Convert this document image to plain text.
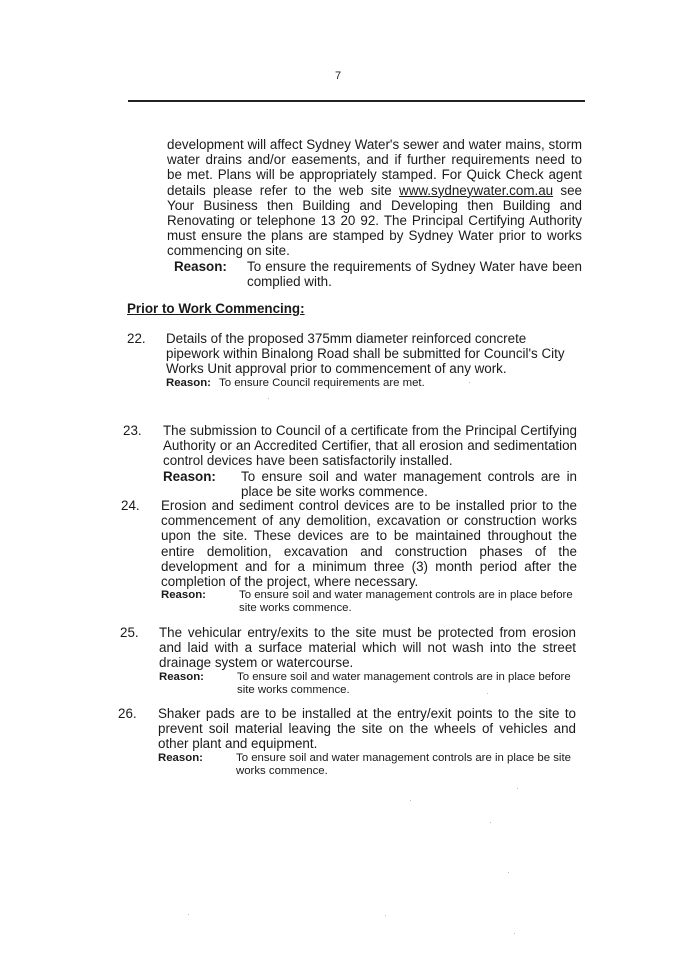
7
development will affect Sydney Water's sewer and water mains, storm water drains and/or easements, and if further requirements need to be met. Plans will be appropriately stamped. For Quick Check agent details please refer to the web site www.sydneywater.com.au see Your Business then Building and Developing then Building and Renovating or telephone 13 20 92. The Principal Certifying Authority must ensure the plans are stamped by Sydney Water prior to works commencing on site.
Reason:	To ensure the requirements of Sydney Water have been complied with.
Prior to Work Commencing:
22.	Details of the proposed 375mm diameter reinforced concrete pipework within Binalong Road shall be submitted for Council's City Works Unit approval prior to commencement of any work.
Reason: To ensure Council requirements are met.
23.	The submission to Council of a certificate from the Principal Certifying Authority or an Accredited Certifier, that all erosion and sedimentation control devices have been satisfactorily installed.
Reason:	To ensure soil and water management controls are in place be site works commence.
24.	Erosion and sediment control devices are to be installed prior to the commencement of any demolition, excavation or construction works upon the site. These devices are to be maintained throughout the entire demolition, excavation and construction phases of the development and for a minimum three (3) month period after the completion of the project, where necessary.
Reason:	To ensure soil and water management controls are in place before site works commence.
25.	The vehicular entry/exits to the site must be protected from erosion and laid with a surface material which will not wash into the street drainage system or watercourse.
Reason:	To ensure soil and water management controls are in place before site works commence.
26.	Shaker pads are to be installed at the entry/exit points to the site to prevent soil material leaving the site on the wheels of vehicles and other plant and equipment.
Reason:	To ensure soil and water management controls are in place be site works commence.
